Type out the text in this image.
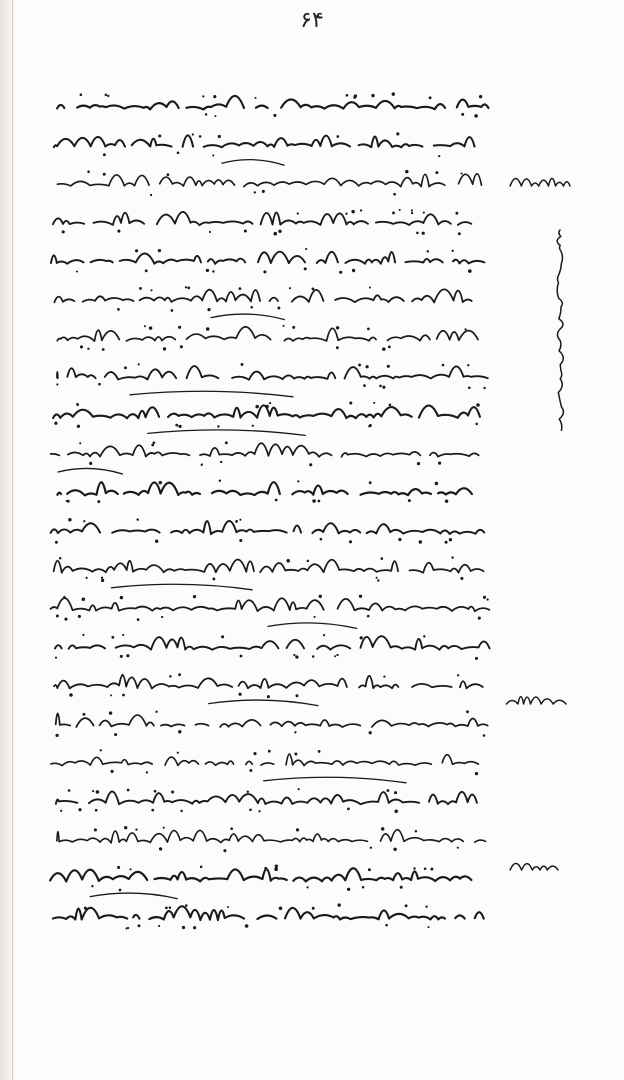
۶۴
